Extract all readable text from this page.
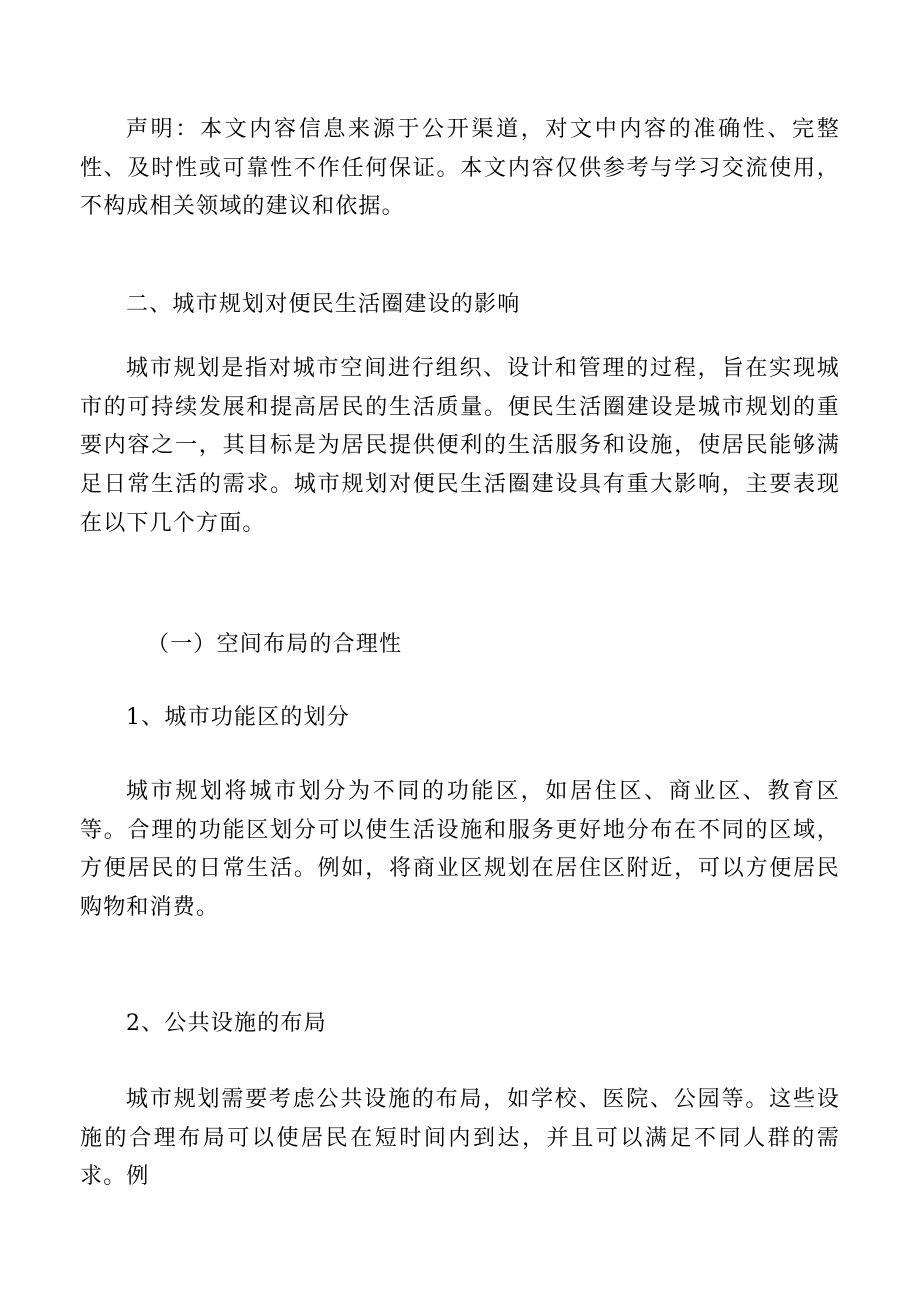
声明：本文内容信息来源于公开渠道，对文中内容的准确性、完整性、及时性或可靠性不作任何保证。本文内容仅供参考与学习交流使用，不构成相关领域的建议和依据。

二、城市规划对便民生活圈建设的影响

城市规划是指对城市空间进行组织、设计和管理的过程，旨在实现城市的可持续发展和提高居民的生活质量。便民生活圈建设是城市规划的重要内容之一，其目标是为居民提供便利的生活服务和设施，使居民能够满足日常生活的需求。城市规划对便民生活圈建设具有重大影响，主要表现在以下几个方面。

（一）空间布局的合理性
1、城市功能区的划分

城市规划将城市划分为不同的功能区，如居住区、商业区、教育区等。合理的功能区划分可以使生活设施和服务更好地分布在不同的区域，方便居民的日常生活。例如，将商业区规划在居住区附近，可以方便居民购物和消费。

2、公共设施的布局

城市规划需要考虑公共设施的布局，如学校、医院、公园等。这些设施的合理布局可以使居民在短时间内到达，并且可以满足不同人群的需求。例
